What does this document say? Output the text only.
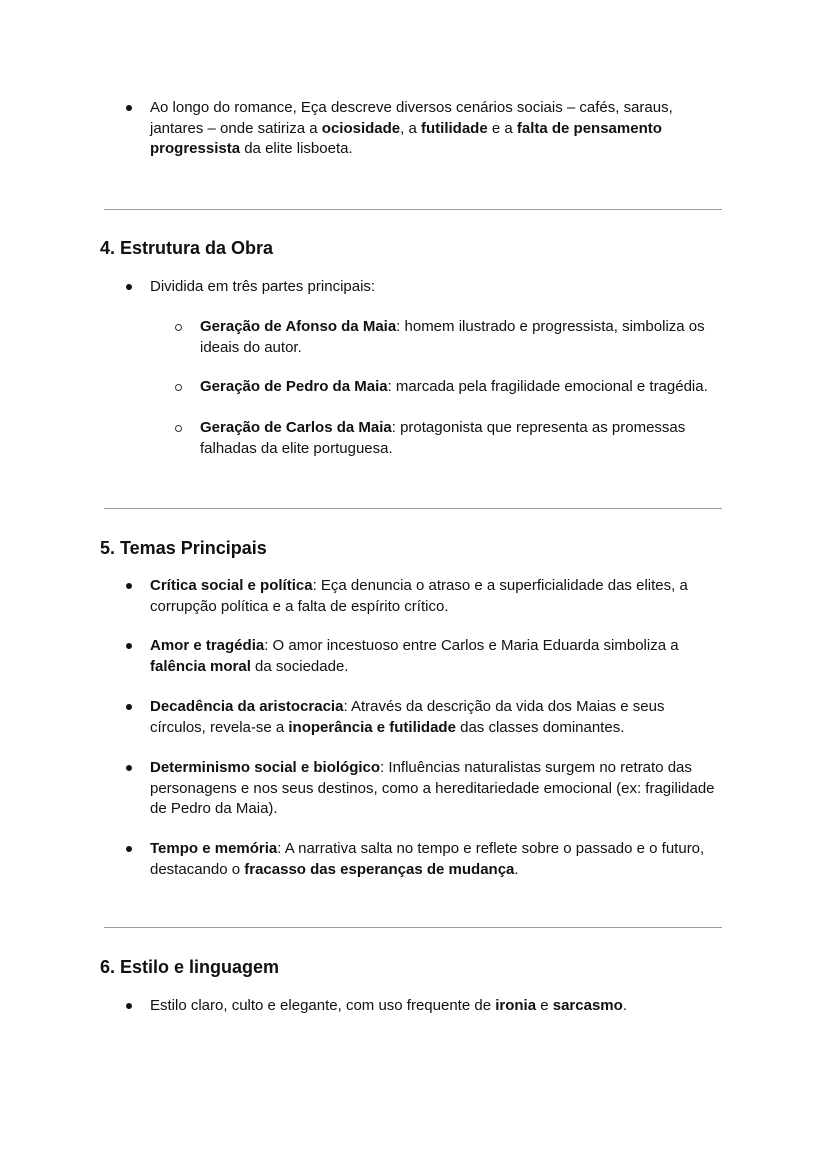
Ao longo do romance, Eça descreve diversos cenários sociais – cafés, saraus, jantares – onde satiriza a ociosidade, a futilidade e a falta de pensamento progressista da elite lisboeta.
4. Estrutura da Obra
Dividida em três partes principais:
Geração de Afonso da Maia: homem ilustrado e progressista, simboliza os ideais do autor.
Geração de Pedro da Maia: marcada pela fragilidade emocional e tragédia.
Geração de Carlos da Maia: protagonista que representa as promessas falhadas da elite portuguesa.
5. Temas Principais
Crítica social e política: Eça denuncia o atraso e a superficialidade das elites, a corrupção política e a falta de espírito crítico.
Amor e tragédia: O amor incestuoso entre Carlos e Maria Eduarda simboliza a falência moral da sociedade.
Decadência da aristocracia: Através da descrição da vida dos Maias e seus círculos, revela-se a inoperância e futilidade das classes dominantes.
Determinismo social e biológico: Influências naturalistas surgem no retrato das personagens e nos seus destinos, como a hereditariedade emocional (ex: fragilidade de Pedro da Maia).
Tempo e memória: A narrativa salta no tempo e reflete sobre o passado e o futuro, destacando o fracasso das esperanças de mudança.
6. Estilo e linguagem
Estilo claro, culto e elegante, com uso frequente de ironia e sarcasmo.
